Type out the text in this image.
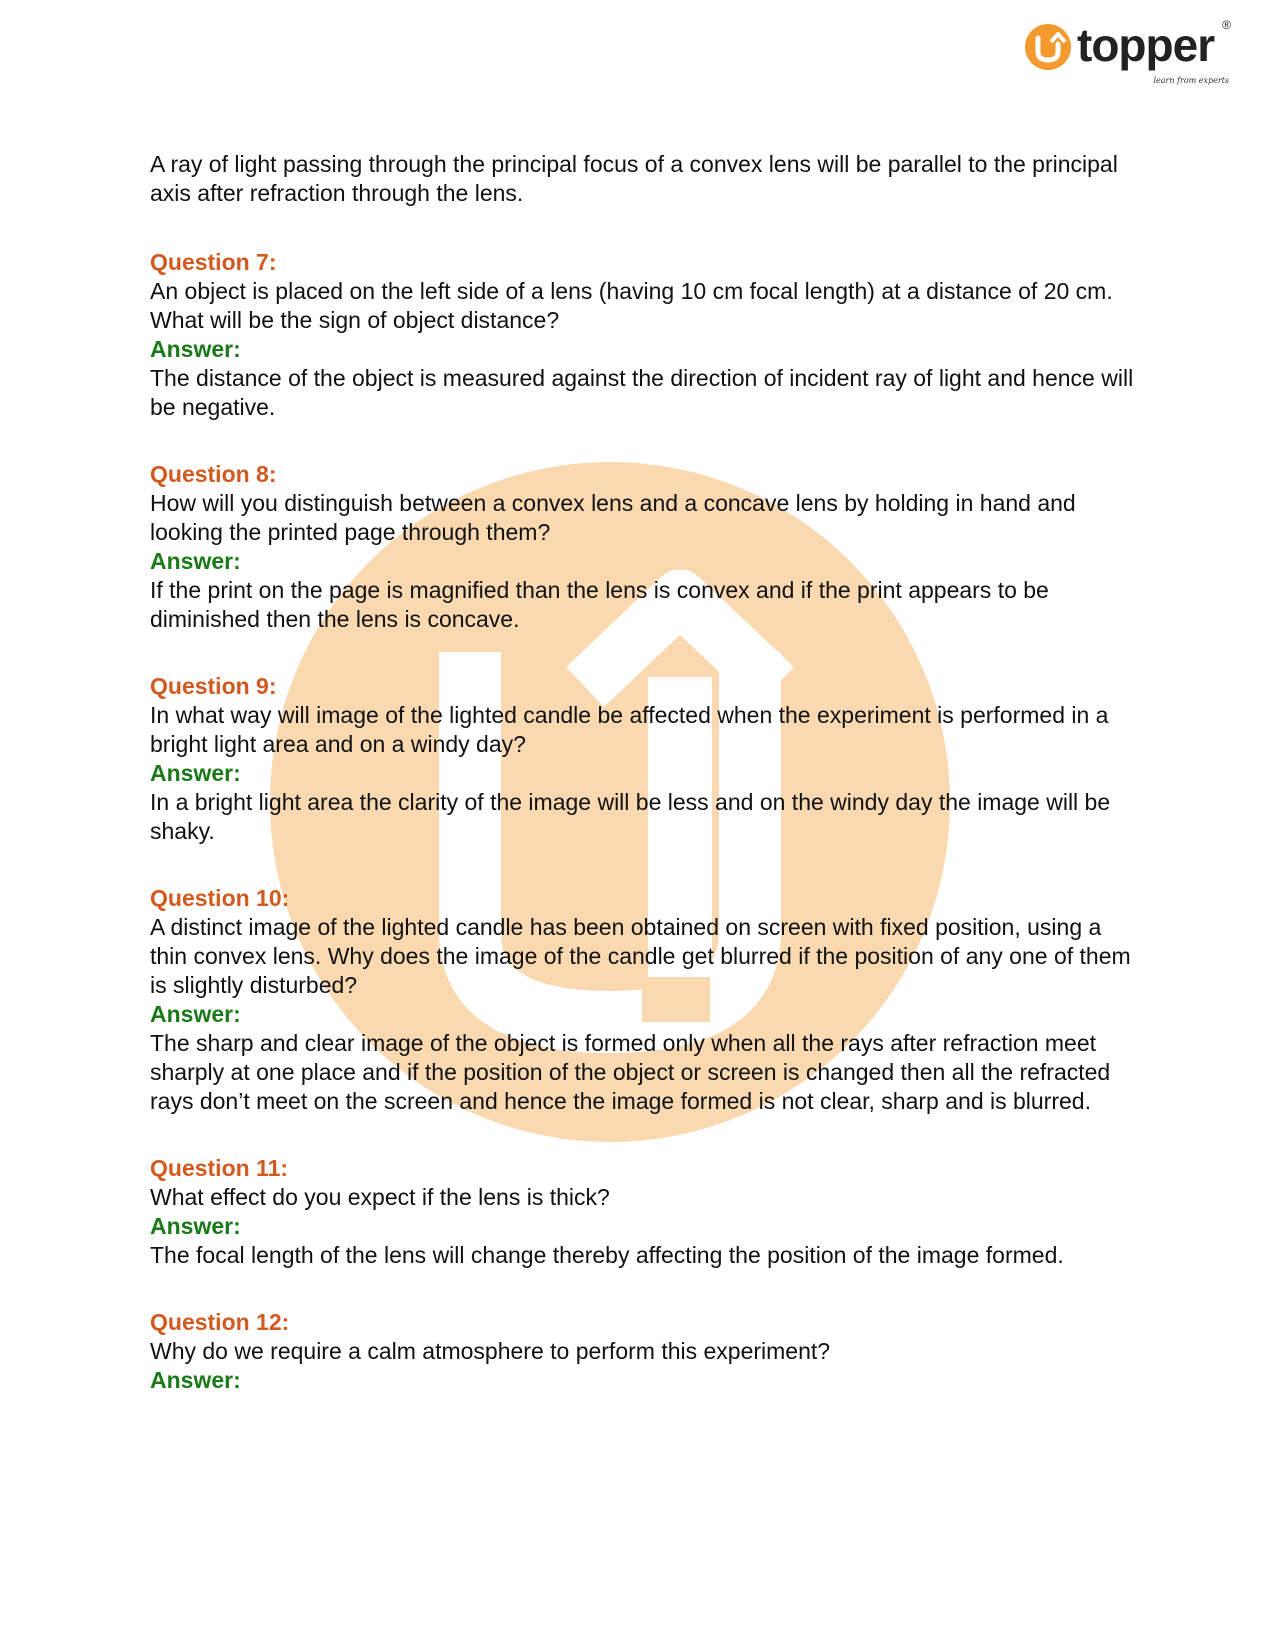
topper ®
learn from experts

A ray of light passing through the principal focus of a convex lens will be parallel to the principal axis after refraction through the lens.

Question 7:

An object is placed on the left side of a lens (having 10 cm focal length) at a distance of 20 cm. What will be the sign of object distance?

Answer:

The distance of the object is measured against the direction of incident ray of light and hence will be negative.

Question 8:

How will you distinguish between a convex lens and a concave lens by holding in hand and looking the printed page through them?

Answer:

If the print on the page is magnified than the lens is convex and if the print appears to be diminished then the lens is concave.

Question 9:

In what way will image of the lighted candle be affected when the experiment is performed in a bright light area and on a windy day?

Answer:

In a bright light area the clarity of the image will be less and on the windy day the image will be shaky.

Question 10:

A distinct image of the lighted candle has been obtained on screen with fixed position, using a thin convex lens. Why does the image of the candle get blurred if the position of any one of them is slightly disturbed?

Answer:

The sharp and clear image of the object is formed only when all the rays after refraction meet sharply at one place and if the position of the object or screen is changed then all the refracted rays don’t meet on the screen and hence the image formed is not clear, sharp and is blurred.

Question 11:

What effect do you expect if the lens is thick?

Answer:

The focal length of the lens will change thereby affecting the position of the image formed.

Question 12:

Why do we require a calm atmosphere to perform this experiment?

Answer:
